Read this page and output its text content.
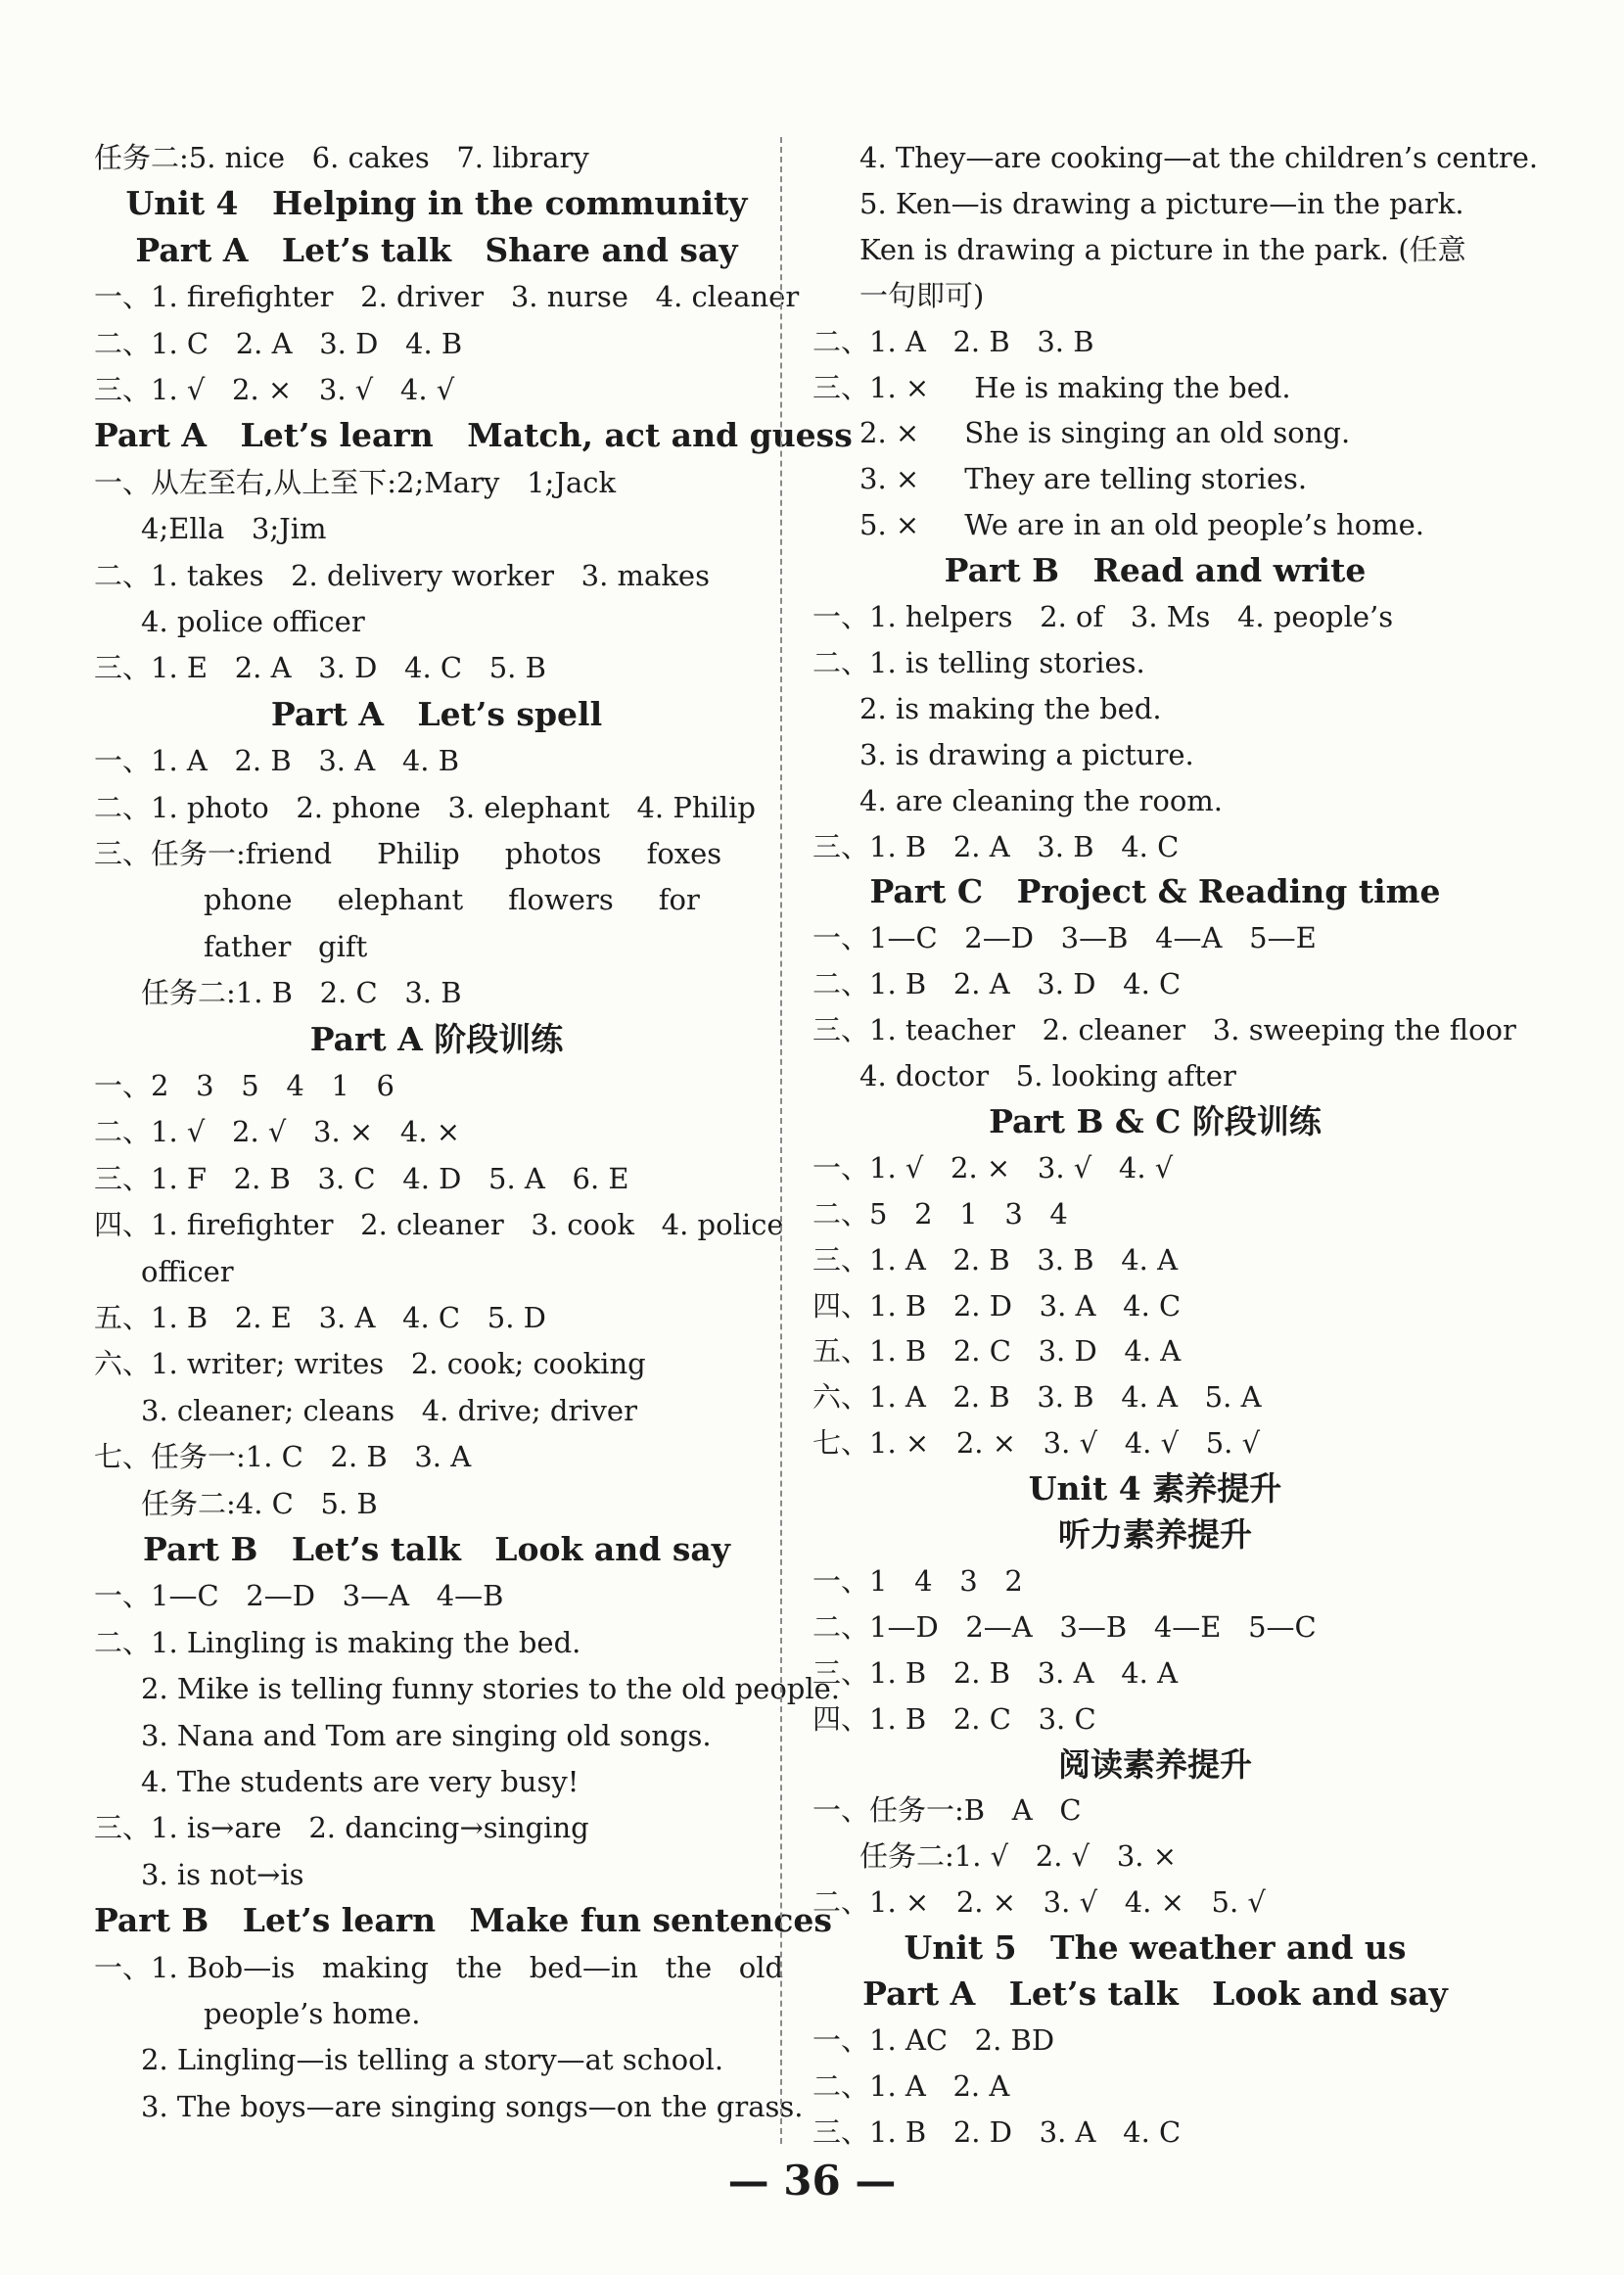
任务二:5. nice   6. cakes   7. library
Unit 4   Helping in the community
Part A   Let’s talk   Share and say
一、1. firefighter   2. driver   3. nurse   4. cleaner
二、1. C   2. A   3. D   4. B
三、1. √   2. ×   3. √   4. √
Part A   Let’s learn   Match, act and guess
一、从左至右,从上至下:2;Mary   1;Jack
4;Ella   3;Jim
二、1. takes   2. delivery worker   3. makes
4. police officer
三、1. E   2. A   3. D   4. C   5. B
Part A   Let’s spell
一、1. A   2. B   3. A   4. B
二、1. photo   2. phone   3. elephant   4. Philip
三、任务一:friend     Philip     photos     foxes
phone     elephant     flowers     for
father   gift
任务二:1. B   2. C   3. B
Part A 阶段训练
一、2   3   5   4   1   6
二、1. √   2. √   3. ×   4. ×
三、1. F   2. B   3. C   4. D   5. A   6. E
四、1. firefighter   2. cleaner   3. cook   4. police
officer
五、1. B   2. E   3. A   4. C   5. D
六、1. writer; writes   2. cook; cooking
3. cleaner; cleans   4. drive; driver
七、任务一:1. C   2. B   3. A
任务二:4. C   5. B
Part B   Let’s talk   Look and say
一、1—C   2—D   3—A   4—B
二、1. Lingling is making the bed.
2. Mike is telling funny stories to the old people.
3. Nana and Tom are singing old songs.
4. The students are very busy!
三、1. is→are   2. dancing→singing
3. is not→is
Part B   Let’s learn   Make fun sentences
一、1. Bob—is   making   the   bed—in   the   old
people’s home.
2. Lingling—is telling a story—at school.
3. The boys—are singing songs—on the grass.
4. They—are cooking—at the children’s centre.
5. Ken—is drawing a picture—in the park.
Ken is drawing a picture in the park. (任意
一句即可)
二、1. A   2. B   3. B
三、1. ×     He is making the bed.
2. ×     She is singing an old song.
3. ×     They are telling stories.
5. ×     We are in an old people’s home.
Part B   Read and write
一、1. helpers   2. of   3. Ms   4. people’s
二、1. is telling stories.
2. is making the bed.
3. is drawing a picture.
4. are cleaning the room.
三、1. B   2. A   3. B   4. C
Part C   Project & Reading time
一、1—C   2—D   3—B   4—A   5—E
二、1. B   2. A   3. D   4. C
三、1. teacher   2. cleaner   3. sweeping the floor
4. doctor   5. looking after
Part B & C 阶段训练
一、1. √   2. ×   3. √   4. √
二、5   2   1   3   4
三、1. A   2. B   3. B   4. A
四、1. B   2. D   3. A   4. C
五、1. B   2. C   3. D   4. A
六、1. A   2. B   3. B   4. A   5. A
七、1. ×   2. ×   3. √   4. √   5. √
Unit 4 素养提升
听力素养提升
一、1   4   3   2
二、1—D   2—A   3—B   4—E   5—C
三、1. B   2. B   3. A   4. A
四、1. B   2. C   3. C
阅读素养提升
一、任务一:B   A   C
任务二:1. √   2. √   3. ×
二、1. ×   2. ×   3. √   4. ×   5. √
Unit 5   The weather and us
Part A   Let’s talk   Look and say
一、1. AC   2. BD
二、1. A   2. A
三、1. B   2. D   3. A   4. C
— 36 —
